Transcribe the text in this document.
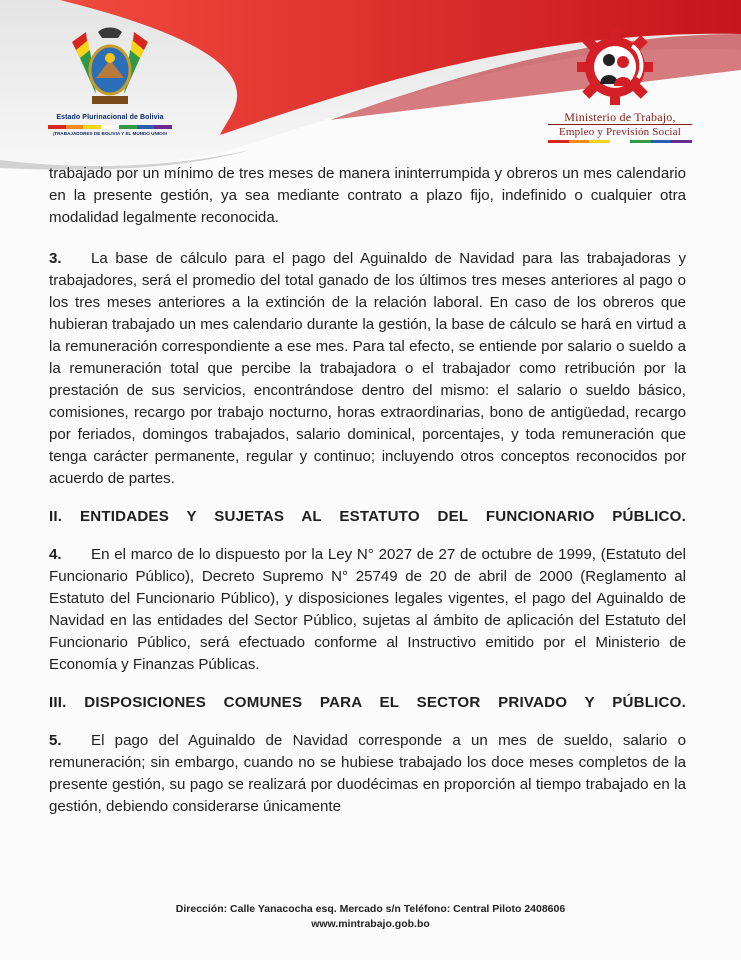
Estado Plurinacional de Bolivia
¡TRABAJADORES DE BOLIVIA Y EL MUNDO UNIOS!
Ministerio de Trabajo,
Empleo y Previsión Social

trabajado por un mínimo de tres meses de manera ininterrumpida y obreros un mes calendario en la presente gestión, ya sea mediante contrato a plazo fijo, indefinido o cualquier otra modalidad legalmente reconocida.

3. La base de cálculo para el pago del Aguinaldo de Navidad para las trabajadoras y trabajadores, será el promedio del total ganado de los últimos tres meses anteriores al pago o los tres meses anteriores a la extinción de la relación laboral. En caso de los obreros que hubieran trabajado un mes calendario durante la gestión, la base de cálculo se hará en virtud a la remuneración correspondiente a ese mes. Para tal efecto, se entiende por salario o sueldo a la remuneración total que percibe la trabajadora o el trabajador como retribución por la prestación de sus servicios, encontrándose dentro del mismo: el salario o sueldo básico, comisiones, recargo por trabajo nocturno, horas extraordinarias, bono de antigüedad, recargo por feriados, domingos trabajados, salario dominical, porcentajes, y toda remuneración que tenga carácter permanente, regular y continuo; incluyendo otros conceptos reconocidos por acuerdo de partes.

II. ENTIDADES Y SUJETAS AL ESTATUTO DEL FUNCIONARIO PÚBLICO.

4. En el marco de lo dispuesto por la Ley N° 2027 de 27 de octubre de 1999, (Estatuto del Funcionario Público), Decreto Supremo N° 25749 de 20 de abril de 2000 (Reglamento al Estatuto del Funcionario Público), y disposiciones legales vigentes, el pago del Aguinaldo de Navidad en las entidades del Sector Público, sujetas al ámbito de aplicación del Estatuto del Funcionario Público, será efectuado conforme al Instructivo emitido por el Ministerio de Economía y Finanzas Públicas.

III. DISPOSICIONES COMUNES PARA EL SECTOR PRIVADO Y PÚBLICO.

5. El pago del Aguinaldo de Navidad corresponde a un mes de sueldo, salario o remuneración; sin embargo, cuando no se hubiese trabajado los doce meses completos de la presente gestión, su pago se realizará por duodécimas en proporción al tiempo trabajado en la gestión, debiendo considerarse únicamente

Dirección: Calle Yanacocha esq. Mercado s/n Teléfono: Central Piloto 2408606
www.mintrabajo.gob.bo
